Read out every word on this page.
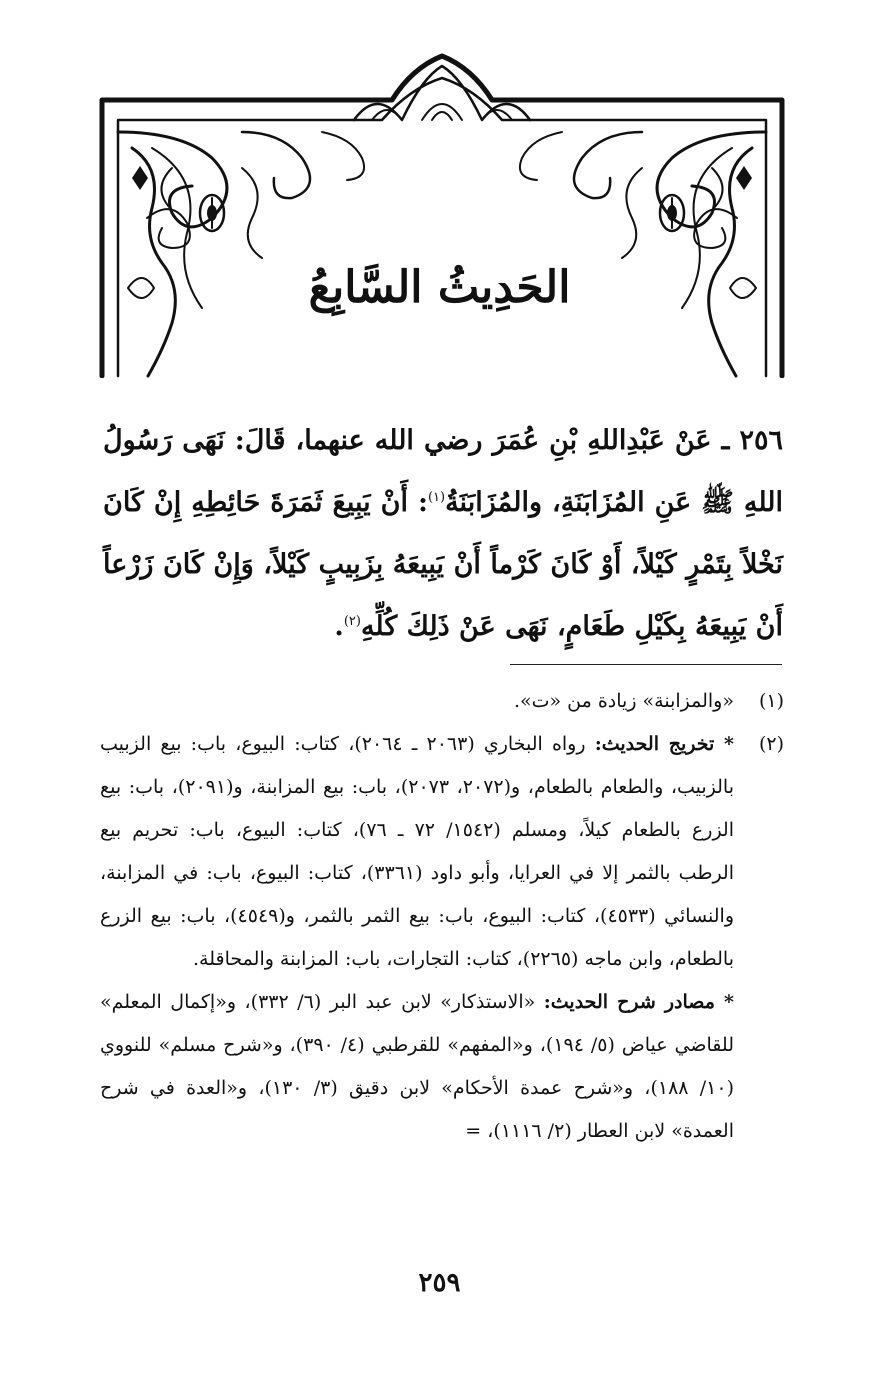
الحَدِيثُ السَّابِعُ
٢٥٦ ـ عَنْ عَبْدِاللهِ بْنِ عُمَرَ رضي الله عنهما، قَالَ: نَهَى رَسُولُ اللهِ ﷺ عَنِ المُزَابَنَةِ، والمُزَابَنَةُ$^{(١)}$: أَنْ يَبِيعَ ثَمَرَةَ حَائِطِهِ إِنْ كَانَ نَخْلاً بِتَمْرٍ كَيْلاً، أَوْ كَانَ كَرْماً أَنْ يَبِيعَهُ بِزَبِيبٍ كَيْلاً، وَإِنْ كَانَ زَرْعاً أَنْ يَبِيعَهُ بِكَيْلِ طَعَامٍ، نَهَى عَنْ ذَلِكَ كُلِّهِ$^{(٢)}$.
(١)
«والمزابنة» زيادة من «ت».
(٢)

* تخريج الحديث: رواه البخاري (٢٠٦٣ ـ ٢٠٦٤)، كتاب: البيوع، باب: بيع الزبيب بالزبيب، والطعام بالطعام، و(٢٠٧٢، ٢٠٧٣)، باب: بيع المزابنة، و(٢٠٩١)، باب: بيع الزرع بالطعام كيلاً، ومسلم (١٥٤٢/ ٧٢ ـ ٧٦)، كتاب: البيوع، باب: تحريم بيع الرطب بالثمر إلا في العرايا، وأبو داود (٣٣٦١)، كتاب: البيوع، باب: في المزابنة، والنسائي (٤٥٣٣)، كتاب: البيوع، باب: بيع الثمر بالثمر، و(٤٥٤٩)، باب: بيع الزرع بالطعام، وابن ماجه (٢٢٦٥)، كتاب: التجارات، باب: المزابنة والمحاقلة.

* مصادر شرح الحديث: «الاستذكار» لابن عبد البر (٦/ ٣٣٢)، و«إكمال المعلم» للقاضي عياض (٥/ ١٩٤)، و«المفهم» للقرطبي (٤/ ٣٩٠)، و«شرح مسلم» للنووي (١٠/ ١٨٨)، و«شرح عمدة الأحكام» لابن دقيق (٣/ ١٣٠)، و«العدة في شرح العمدة» لابن العطار (٢/ ١١١٦)، =

٢٥٩
